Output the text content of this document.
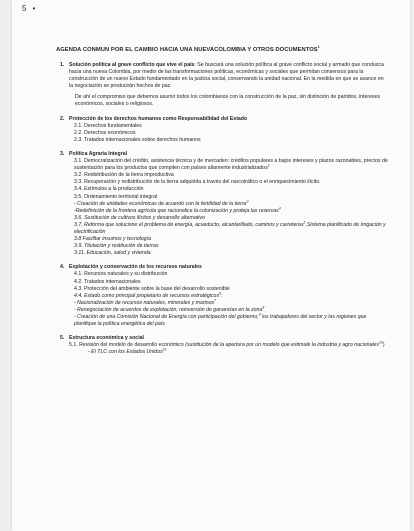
5 •
AGENDA CONMUN POR EL CAMBIO HACIA UNA NUEVACOLOMBIA Y OTROS DOCUMENTOS$^1$
1. Solución política al grave conflicto que vive el país: Se buscará una solución política al grave conflicto social y armado que conduzca hacia una nueva Colombia, por medio de las transformaciones políticas, económicas y sociales que permitan consensos para la construcción de un nuevo Estado fundamentado en la justicia social, conservando la unidad nacional. En la medida en que se avance en la negociación se producirán hechos de paz.
De ahí el compromiso que debemos asumir todos los colombianos con la construcción de la paz, sin distinción de partidos, intereses económicos, sociales o religiosos.
2. Protección de los derechos humanos como Responsabilidad del Estado
2.1. Derechos fundamentales
2.2. Derechos económicos
2.3. Tratados internacionales sobre derechos humanos
3. Política Agraria Integral
3.1. Democratización del crédito, asistencia técnica y de mercadeo: créditos populares a bajos intereses y plazos razonables, precios de sustentación para los productos que compiten con países altamente industrializados$^2$
3.2. Redistribución de la tierra improductiva
3.3. Recuperación y redistribución de la tierra adquirida a través del narcotráfico o el enriquecimiento ilícito.
3.4. Estímulos a la producción
3.5. Ordenamiento territorial integral
- Creación de unidades económicas de acuerdo con la fertilidad de la tierra$^3$
-Redefinición de la frontera agrícola que racionalice la colonización y proteja las reservas$^4$
3.6. Sustitución de cultivos ilícitos y desarrollo alternativo
3.7. Reforma que solucione el problema de energía, acueducto, alcantarillado, caminos y carreteras$^5$,Sistema planificado de irrigación y electrificación
3.8 Facilitar insumos y tecnología
3.9. Titulación y restitución de tierras
3.11. Educación, salud y vivienda
4. Explotación y conservación de los recursos naturales
4.1. Recursos naturales y su distribución
4.2. Tratados internacionales
4.3. Protección del ambiente sobre la base del desarrollo sostenible
4.4. Estado como principal propietario de recursos estratégicos$^6$:
- Nacionalización de recursos naturales, minerales y marinos$^7$
- Renegociación de acuerdos de explotación, reinversión de ganancias en la zona$^8$
- Creación de una Comisión Nacional de Energía con participación del gobierno,$^9$ los trabajadores del sector y las regiones que planifique la política energética del país
5. Estructura económica y social
5.1. Revisión del modelo de desarrollo económico (sustitución de la apertura por un modelo que estimule la industria y agro nacionales$^{10}$)
- El TLC con los Estados Unidos$^{11}$
